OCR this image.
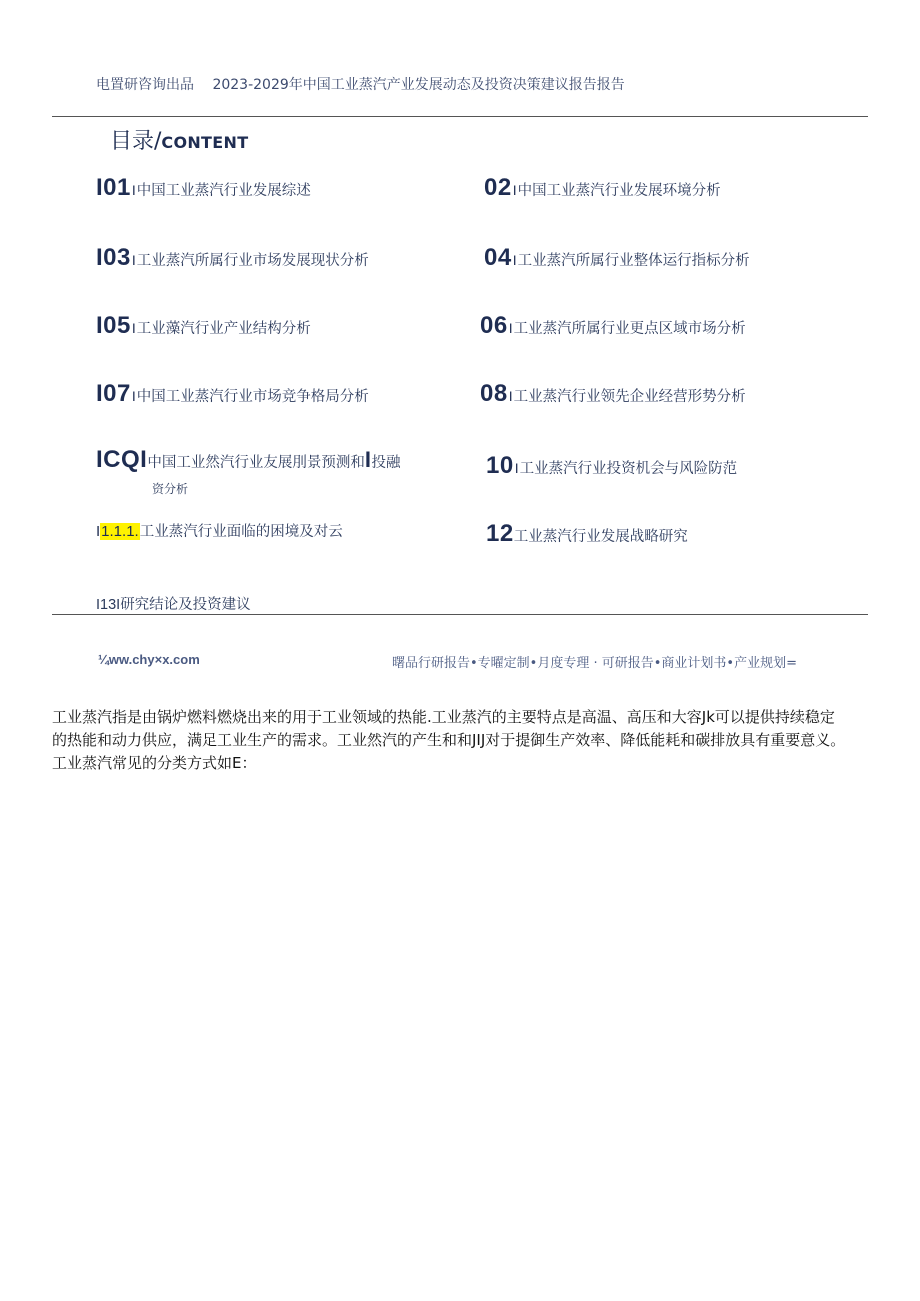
电置研咨询出品 2023-2029年中国工业蒸汽产业发展动态及投资决策建议报告报告
目录/CONTENT
I01I中国工业蒸汽行业发展综述
I03I工业蒸汽所属行业市场发展现状分析
I05I工业藻汽行业产业结构分析
I07I中国工业蒸汽行业市场竞争格局分析
ICQI中国工业然汽行业友展刖景预测和I投融
资分析
I1.1.1.工业蒸汽行业面临的困境及对云
I13I研究结论及投资建议
02I中国工业蒸汽行业发展环境分析
04I工业蒸汽所属行业整体运行指标分析
06I工业蒸汽所属行业更点区域市场分析
08I工业蒸汽行业领先企业经营形势分析
10I工业蒸汽行业投资机会与风险防范
12工业蒸汽行业发展战略研究
¼ww.chy×x.com	曙品行研报告•专曜定制•月度专理 · 可研报告•商业计划书•产业规划=
工业蒸汽指是由锅炉燃料燃烧出来的用于工业领域的热能.工业蒸汽的主要特点是高温、高压和大容Jk可以提供持续稳定
的热能和动力供应，满足工业生产的需求。工业然汽的产生和和JIJ对于提御生产效率、降低能耗和碳排放具有重要意义。
工业蒸汽常见的分类方式如E：
